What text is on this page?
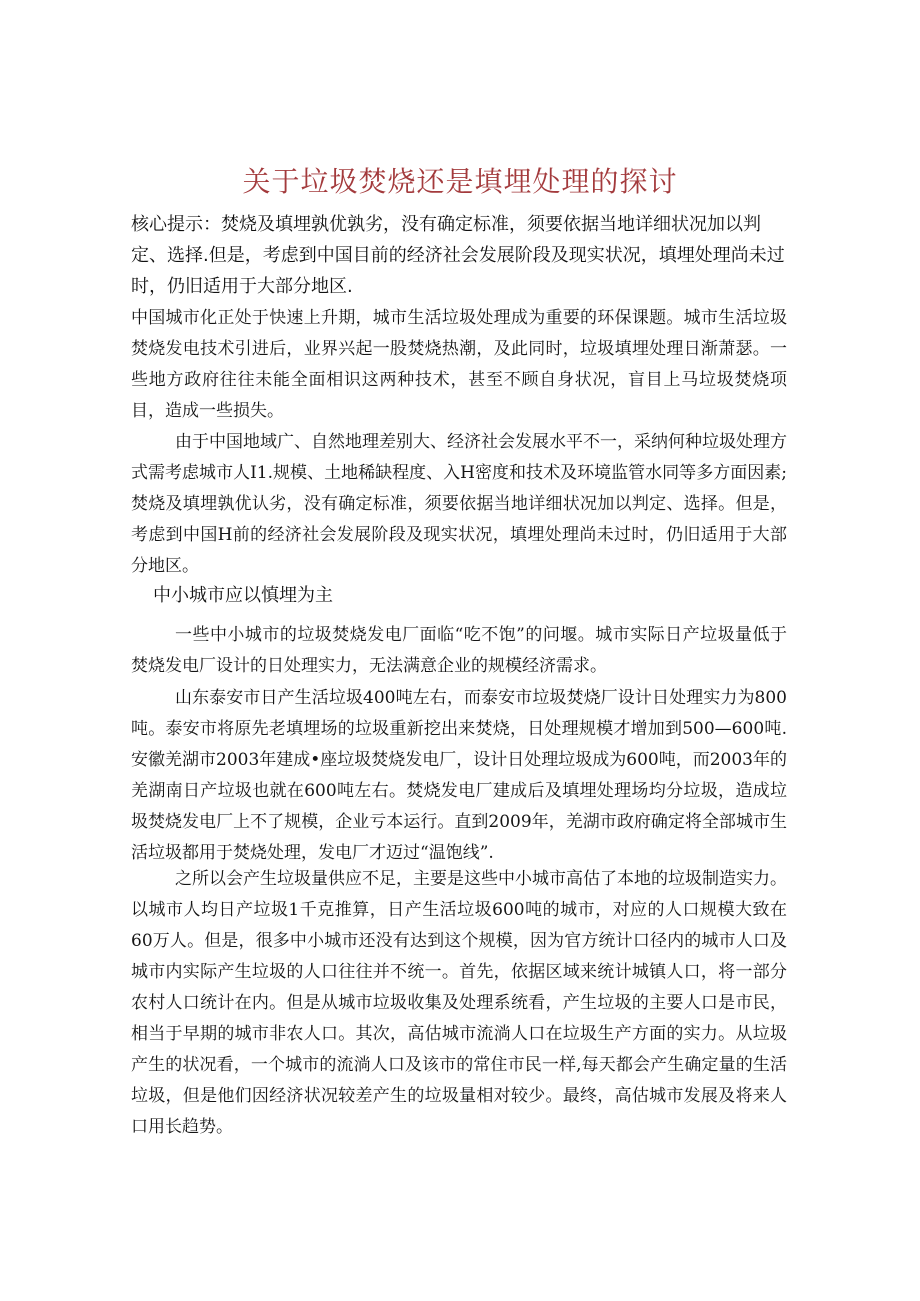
关于垃圾焚烧还是填埋处理的探讨

核心提示：焚烧及填埋孰优孰劣，没有确定标准，须要依据当地详细状况加以判定、选择.但是，考虑到中国目前的经济社会发展阶段及现实状况，填埋处理尚未过时，仍旧适用于大部分地区.

中国城市化正处于快速上升期，城市生活垃圾处理成为重要的环保课题。城市生活垃圾焚烧发电技术引进后，业界兴起一股焚烧热潮，及此同时，垃圾填埋处理日渐萧瑟。一些地方政府往往未能全面相识这两种技术，甚至不顾自身状况，盲目上马垃圾焚烧项目，造成一些损失。

由于中国地域广、自然地理差别大、经济社会发展水平不一，采纳何种垃圾处理方式需考虑城市人I1.规模、土地稀缺程度、入H密度和技术及环境监管水同等多方面因素;焚烧及填埋孰优认劣，没有确定标准，须要依据当地详细状况加以判定、选择。但是，考虑到中国H前的经济社会发展阶段及现实状况，填埋处理尚未过时，仍旧适用于大部分地区。

中小城市应以慎埋为主

一些中小城市的垃圾焚烧发电厂面临“吃不饱”的问堰。城市实际日产垃圾量低于焚烧发电厂设计的日处理实力，无法满意企业的规模经济需求。

山东泰安市日产生活垃圾400吨左右，而泰安市垃圾焚烧厂设计日处理实力为800吨。泰安市将原先老填埋场的垃圾重新挖出来焚烧，日处理规模才增加到500—600吨.安徽羌湖市2003年建成•座垃圾焚烧发电厂，设计日处理垃圾成为600吨，而2003年的羌湖南日产垃圾也就在600吨左右。焚烧发电厂建成后及填埋处理场均分垃圾，造成垃圾焚烧发电厂上不了规模，企业亏本运行。直到2009年，羌湖市政府确定将全部城市生活垃圾都用于焚烧处理，发电厂才迈过“温饱线”.

之所以会产生垃圾量供应不足，主要是这些中小城市高估了本地的垃圾制造实力。以城市人均日产垃圾1千克推算，日产生活垃圾600吨的城市，对应的人口规模大致在60万人。但是，很多中小城市还没有达到这个规模，因为官方统计口径内的城市人口及城市内实际产生垃圾的人口往往并不统一。首先，依据区域来统计城镇人口，将一部分农村人口统计在内。但是从城市垃圾收集及处理系统看，产生垃圾的主要人口是市民，相当于早期的城市非农人口。其次，高估城市流淌人口在垃圾生产方面的实力。从垃圾产生的状况看，一个城市的流淌人口及该市的常住市民一样,每天都会产生确定量的生活垃圾，但是他们因经济状况较差产生的垃圾量相对较少。最终，高估城市发展及将来人口用长趋势。
